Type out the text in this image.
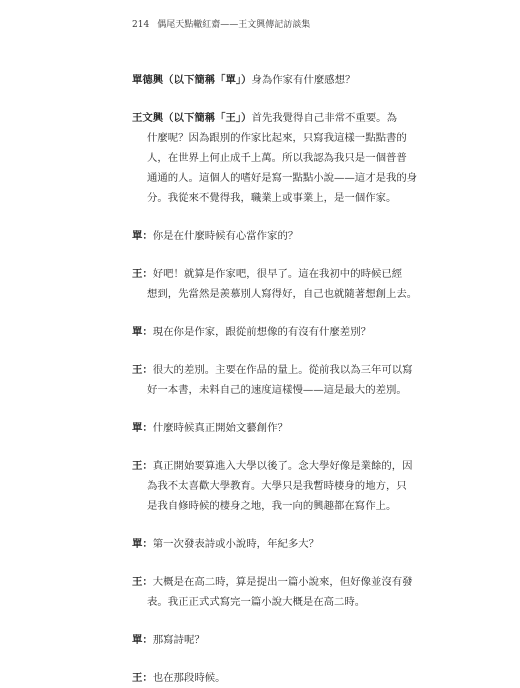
214 偶尾天點轍紅齋——王文興傳記訪談集
單德興（以下簡稱「單」）身為作家有什麼感想？
王文興（以下簡稱「王」）首先我覺得自己非常不重要。為
什麼呢？因為跟別的作家比起來，只寫我這樣一點點書的
人，在世界上何止成千上萬。所以我認為我只是一個普普
通通的人。這個人的嗜好是寫一點點小說——這才是我的身
分。我從來不覺得我，職業上或事業上，是一個作家。
單：你是在什麼時候有心當作家的？
王：好吧！就算是作家吧，很早了。這在我初中的時候已經
想到，先當然是羨慕別人寫得好，自己也就隨著想創上去。
單：現在你是作家，跟從前想像的有沒有什麼差別？
王：很大的差別。主要在作品的量上。從前我以為三年可以寫
好一本書，未料自己的速度這樣慢——這是最大的差別。
單：什麼時候真正開始文藝創作？
王：真正開始要算進入大學以後了。念大學好像是業餘的，因
為我不太喜歡大學教育。大學只是我暫時棲身的地方，只
是我自修時候的棲身之地，我一向的興趣都在寫作上。
單：第一次發表詩或小說時，年紀多大？
王：大概是在高二時，算是提出一篇小說來，但好像並沒有發
表。我正正式式寫完一篇小說大概是在高二時。
單：那寫詩呢？
王：也在那段時候。
